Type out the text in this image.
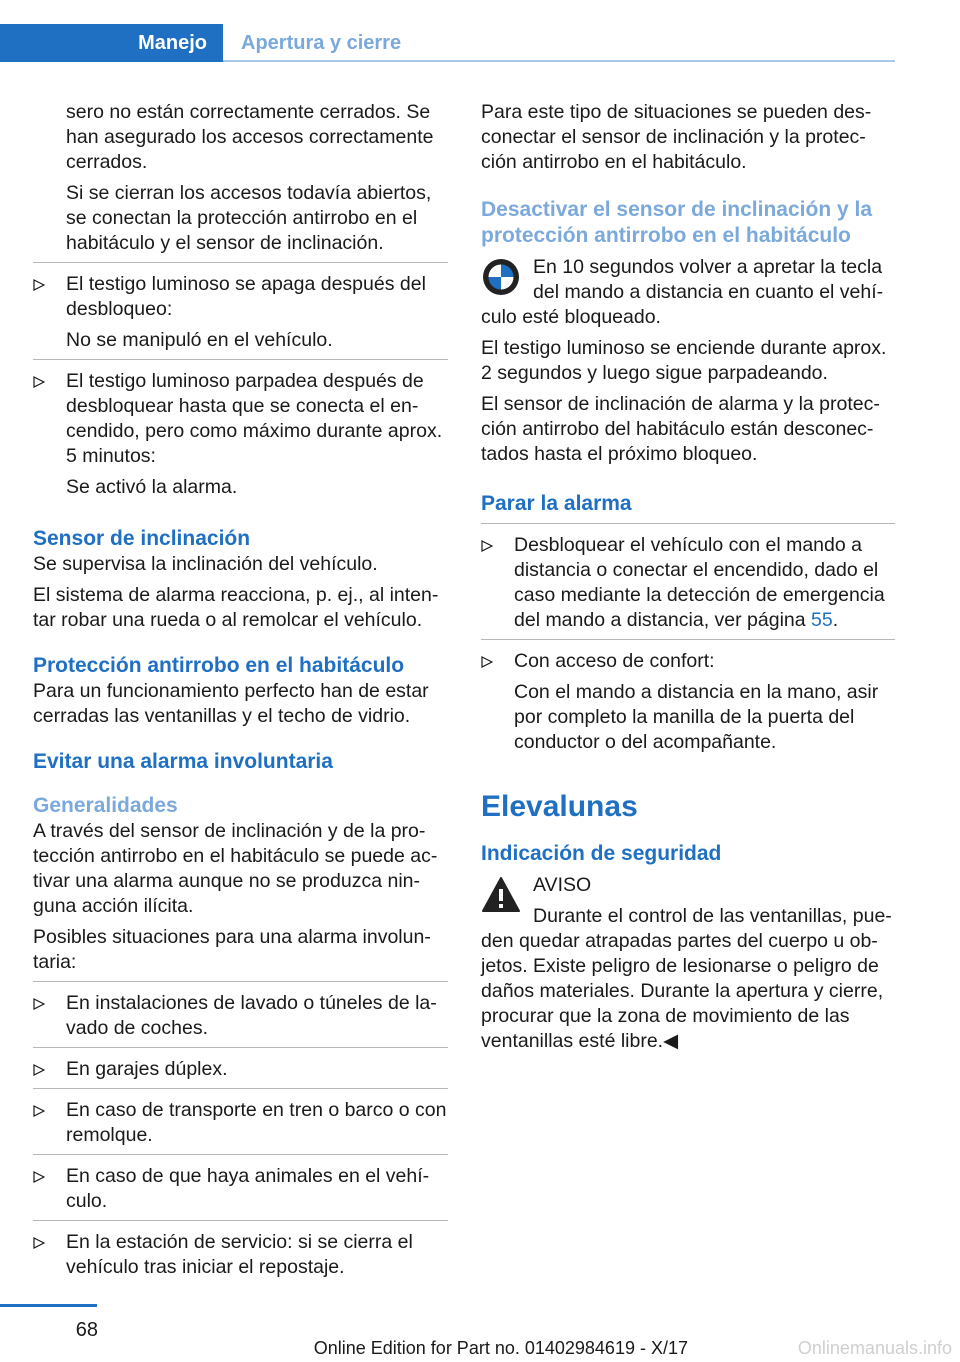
Manejo	Apertura y cierre

sero no están correctamente cerrados. Se han asegurado los accesos correctamente cerrados.

Si se cierran los accesos todavía abiertos, se conectan la protección antirrobo en el habitáculo y el sensor de inclinación.

El testigo luminoso se apaga después del desbloqueo:

No se manipuló en el vehículo.

El testigo luminoso parpadea después de desbloquear hasta que se conecta el en- cendido, pero como máximo durante aprox. 5 minutos:

Se activó la alarma.

Sensor de inclinación

Se supervisa la inclinación del vehículo.

El sistema de alarma reacciona, p. ej., al inten- tar robar una rueda o al remolcar el vehículo.

Protección antirrobo en el habitáculo

Para un funcionamiento perfecto han de estar cerradas las ventanillas y el techo de vidrio.

Evitar una alarma involuntaria
Generalidades

A través del sensor de inclinación y de la pro- tección antirrobo en el habitáculo se puede ac- tivar una alarma aunque no se produzca nin- guna acción ilícita.

Posibles situaciones para una alarma involun- taria:

En instalaciones de lavado o túneles de la- vado de coches.

En garajes dúplex.

En caso de transporte en tren o barco o con remolque.

En caso de que haya animales en el vehí- culo.

En la estación de servicio: si se cierra el vehículo tras iniciar el repostaje.

Para este tipo de situaciones se pueden des- conectar el sensor de inclinación y la protec- ción antirrobo en el habitáculo.

Desactivar el sensor de inclinación y la protección antirrobo en el habitáculo

En 10 segundos volver a apretar la tecla del mando a distancia en cuanto el vehí- culo esté bloqueado.

El testigo luminoso se enciende durante aprox. 2 segundos y luego sigue parpadeando.

El sensor de inclinación de alarma y la protec- ción antirrobo del habitáculo están desconec- tados hasta el próximo bloqueo.

Parar la alarma

Desbloquear el vehículo con el mando a distancia o conectar el encendido, dado el caso mediante la detección de emergencia del mando a distancia, ver página 55.

Con acceso de confort:

Con el mando a distancia en la mano, asir por completo la manilla de la puerta del conductor o del acompañante.

Elevalunas
Indicación de seguridad

AVISO

Durante el control de las ventanillas, pue- den quedar atrapadas partes del cuerpo u ob- jetos. Existe peligro de lesionarse o peligro de daños materiales. Durante la apertura y cierre, procurar que la zona de movimiento de las ventanillas esté libre.◀

68
Online Edition for Part no. 01402984619 - X/17	Onlinemanuals.info
